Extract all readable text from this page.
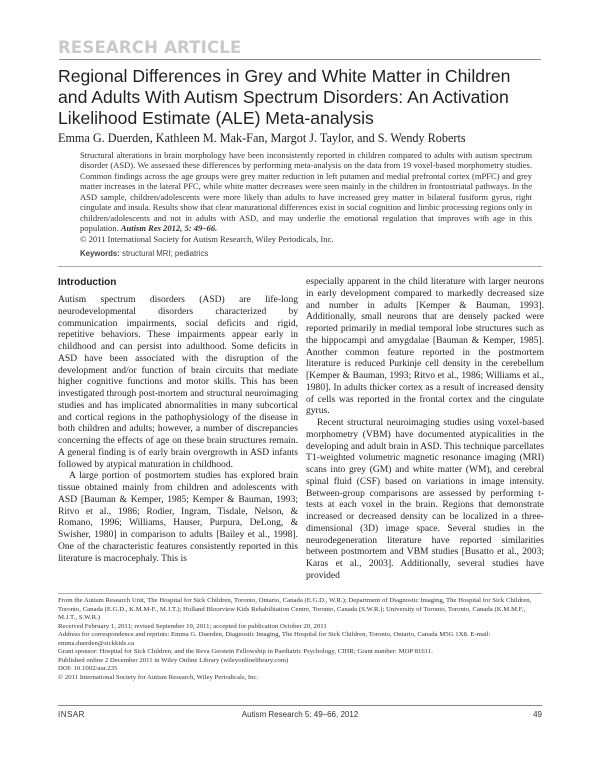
RESEARCH ARTICLE
Regional Differences in Grey and White Matter in Children and Adults With Autism Spectrum Disorders: An Activation Likelihood Estimate (ALE) Meta-analysis
Emma G. Duerden, Kathleen M. Mak-Fan, Margot J. Taylor, and S. Wendy Roberts
Structural alterations in brain morphology have been inconsistently reported in children compared to adults with autism spectrum disorder (ASD). We assessed these differences by performing meta-analysis on the data from 19 voxel-based morphometry studies. Common findings across the age groups were grey matter reduction in left putamen and medial prefrontal cortex (mPFC) and grey matter increases in the lateral PFC, while white matter decreases were seen mainly in the children in frontostriatal pathways. In the ASD sample, children/adolescents were more likely than adults to have increased grey matter in bilateral fusiform gyrus, right cingulate and insula. Results show that clear maturational differences exist in social cognition and limbic processing regions only in children/adolescents and not in adults with ASD, and may underlie the emotional regulation that improves with age in this population. Autism Res 2012, 5: 49–66.
© 2011 International Society for Autism Research, Wiley Periodicals, Inc.
Keywords: structural MRI; pediatrics
Introduction

Autism spectrum disorders (ASD) are life-long neurodevelopmental disorders characterized by communication impairments, social deficits and rigid, repetitive behaviors. These impairments appear early in childhood and can persist into adulthood. Some deficits in ASD have been associated with the disruption of the development and/or function of brain circuits that mediate higher cognitive functions and motor skills. This has been investigated through post-mortem and structural neuroimaging studies and has implicated abnormalities in many subcortical and cortical regions in the pathophysiology of the disease in both children and adults; however, a number of discrepancies concerning the effects of age on these brain structures remain. A general finding is of early brain overgrowth in ASD infants followed by atypical maturation in childhood.

A large portion of postmortem studies has explored brain tissue obtained mainly from children and adolescents with ASD [Bauman & Kemper, 1985; Kemper & Bauman, 1993; Ritvo et al., 1986; Rodier, Ingram, Tisdale, Nelson, & Romano, 1996; Williams, Hauser, Purpura, DeLong, & Swisher, 1980] in comparison to adults [Bailey et al., 1998]. One of the characteristic features consistently reported in this literature is macrocephaly. This is

especially apparent in the child literature with larger neurons in early development compared to markedly decreased size and number in adults [Kemper & Bauman, 1993]. Additionally, small neurons that are densely packed were reported primarily in medial temporal lobe structures such as the hippocampi and amygdalae [Bauman & Kemper, 1985]. Another common feature reported in the postmortem literature is reduced Purkinje cell density in the cerebellum [Kemper & Bauman, 1993; Ritvo et al., 1986; Williams et al., 1980]. In adults thicker cortex as a result of increased density of cells was reported in the frontal cortex and the cingulate gyrus.

Recent structural neuroimaging studies using voxel-based morphometry (VBM) have documented atypicalities in the developing and adult brain in ASD. This technique parcellates T1-weighted volumetric magnetic resonance imaging (MRI) scans into grey (GM) and white matter (WM), and cerebral spinal fluid (CSF) based on variations in image intensity. Between-group comparisons are assessed by performing t-tests at each voxel in the brain. Regions that demonstrate increased or decreased density can be localized in a three-dimensional (3D) image space. Several studies in the neurodegeneration literature have reported similarities between postmortem and VBM studies [Busatto et al., 2003; Karas et al., 2003]. Additionally, several studies have provided

From the Autism Research Unit, The Hospital for Sick Children, Toronto, Ontario, Canada (E.G.D., W.R.); Department of Diagnostic Imaging, The Hospital for Sick Children, Toronto, Canada (E.G.D., K.M.M-F., M.J.T.); Holland Bloorview Kids Rehabilitation Centre, Toronto, Canada (S.W.R.); University of Toronto, Toronto, Canada (K.M.M.F., M.J.T., S.W.R.)
Received February 1, 2011; revised September 19, 2011; accepted for publication October 20, 2011
Address for correspondence and reprints: Emma G. Duerden, Diagnostic Imaging, The Hospital for Sick Children, Toronto, Ontario, Canada M5G 1X8. E-mail: emma.duerden@sickkids.ca
Grant sponsor: Hospital for Sick Children, and the Reva Gerstein Fellowship in Paediatric Psychology, CIHR; Grant number: MOP 81611.
Published online 2 December 2011 in Wiley Online Library (wileyonlinelibrary.com)
DOI: 10.1002/aur.235
© 2011 International Society for Autism Research, Wiley Periodicals, Inc.
INSAR	Autism Research 5: 49–66, 2012	49
